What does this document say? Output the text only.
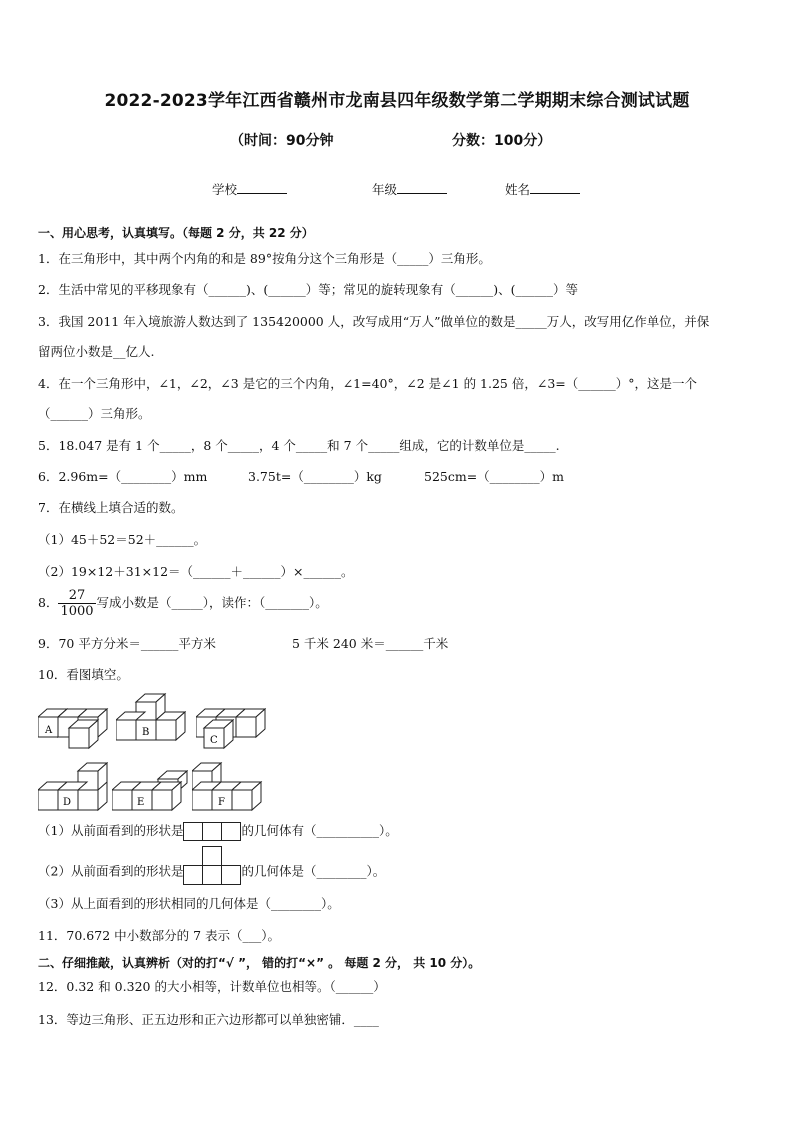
2022-2023学年江西省赣州市龙南县四年级数学第二学期期末综合测试试题
（时间：90分钟	分数：100分）
学校	年级	姓名
一、用心思考，认真填写。（每题 2 分，共 22 分）
1．在三角形中，其中两个内角的和是 89°按角分这个三角形是（_____）三角形。
2．生活中常见的平移现象有（______)、(______）等；常见的旋转现象有（______)、(______）等
3．我国 2011 年入境旅游人数达到了 135420000 人，改写成用“万人”做单位的数是_____万人，改写用亿作单位，并保
留两位小数是__亿人.
4．在一个三角形中，∠1，∠2，∠3 是它的三个内角，∠1=40°，∠2 是∠1 的 1.25 倍，∠3=（______）°，这是一个
（______）三角形。
5．18.047 是有 1 个_____，8 个_____，4 个_____和 7 个_____组成，它的计数单位是_____.
6．2.96m=（________）mm	3.75t=（________）kg	525cm=（________）m
7．在横线上填合适的数。
（1）45＋52＝52＋______。
（2）19×12＋31×12＝（______＋______）×______。
8． $\frac{27}{1000}$ 写成小数是（_____），读作：（_______）。
9．70 平方分米＝______平方米	5 千米 240 米＝______千米
10．看图填空。
A	B
C
D	E	F
（1）从前面看到的形状是	的几何体有（__________）。
（2）从前面看到的形状是	的几何体是（________）。
（3）从上面看到的形状相同的几何体是（________）。
11．70.672 中小数部分的 7 表示（___）。
二、仔细推敲，认真辨析（对的打“√ ”， 错的打“×” 。 每题 2 分， 共 10 分）。
12．0.32 和 0.320 的大小相等，计数单位也相等。（______）
13．等边三角形、正五边形和正六边形都可以单独密铺．____
